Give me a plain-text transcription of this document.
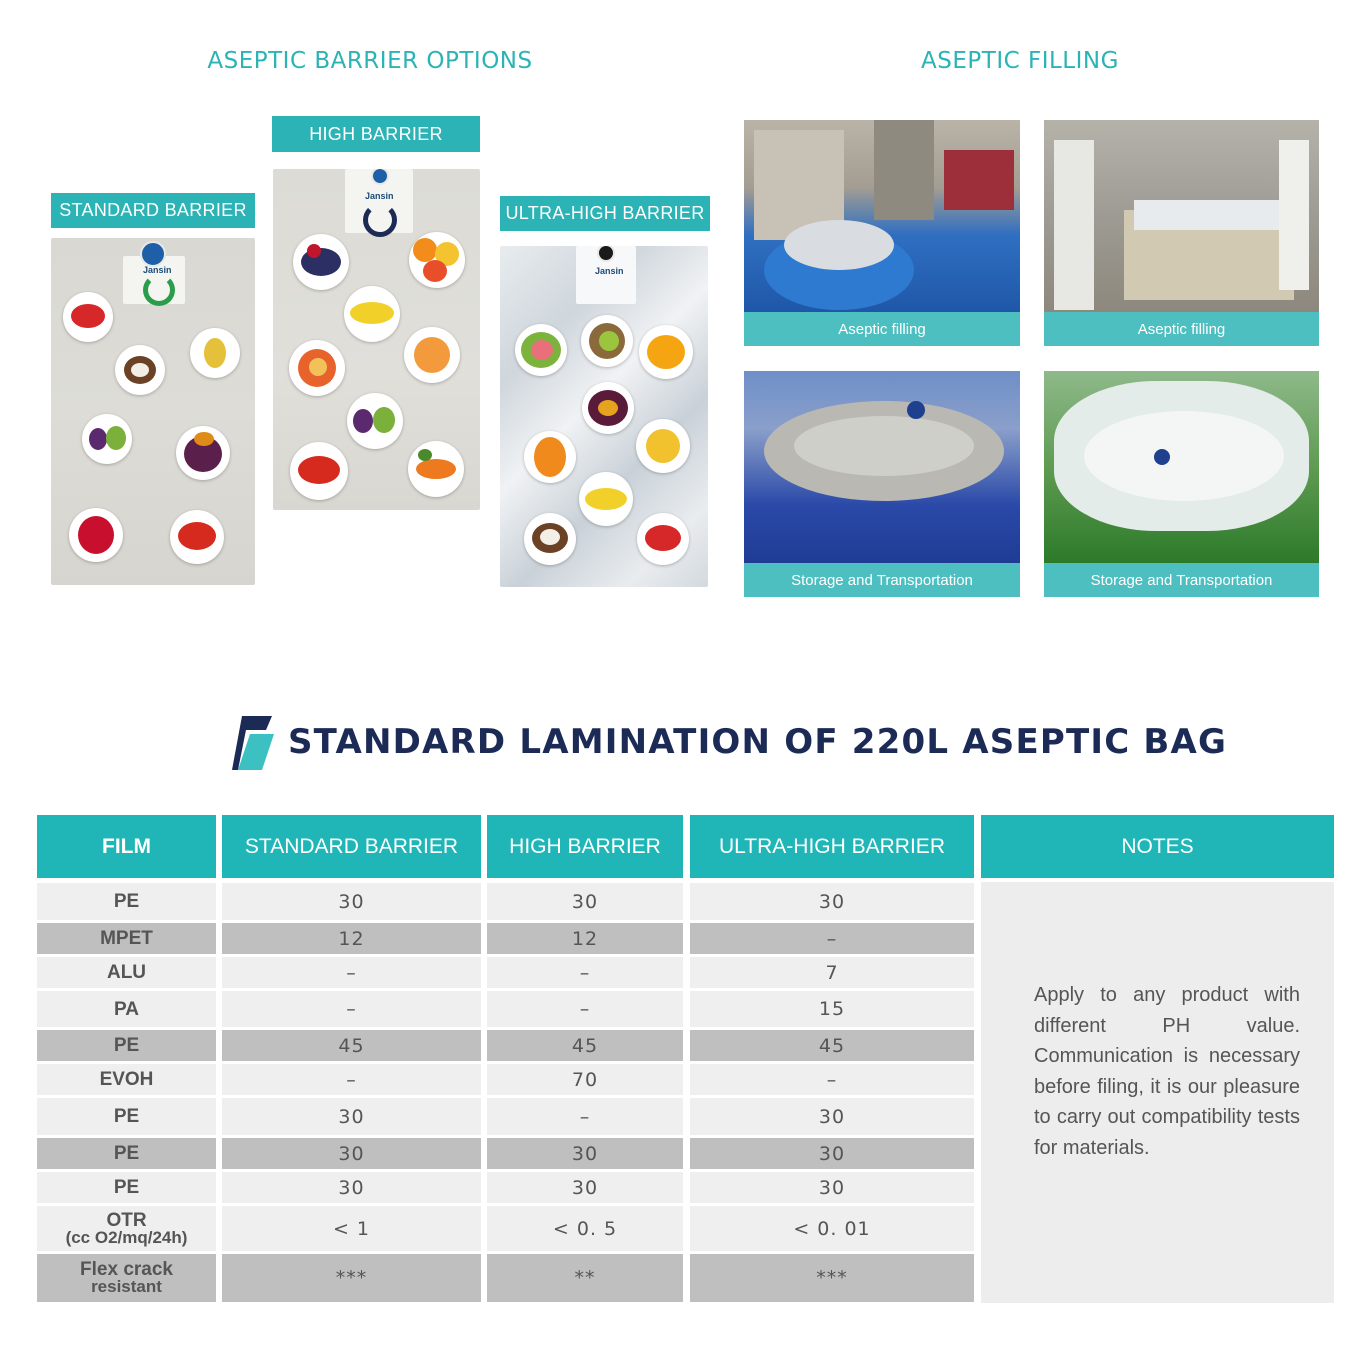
ASEPTIC BARRIER OPTIONS	ASEPTIC FILLING
STANDARD BARRIER
HIGH BARRIER
ULTRA-HIGH BARRIER
Jansin
Jansin
Jansin
Aseptic filling	Aseptic filling
Storage and Transportation	Storage and Transportation
STANDARD LAMINATION OF 220L ASEPTIC BAG
FILM	STANDARD BARRIER	HIGH BARRIER	ULTRA-HIGH BARRIER	NOTES
PE	30	30	30
MPET	12	12	–
ALU	–	–	7
PA	–	–	15
PE	45	45	45
EVOH	–	70	–
PE	30	–	30
PE	30	30	30
PE	30	30	30
OTR
(cc O2/mq/24h)	< 1	< 0. 5	< 0. 01
Flex crack
resistant	***	**	***
Apply to any product with different PH value. Communication is necessary before filing, it is our pleasure to carry out compatibility tests for materials.
